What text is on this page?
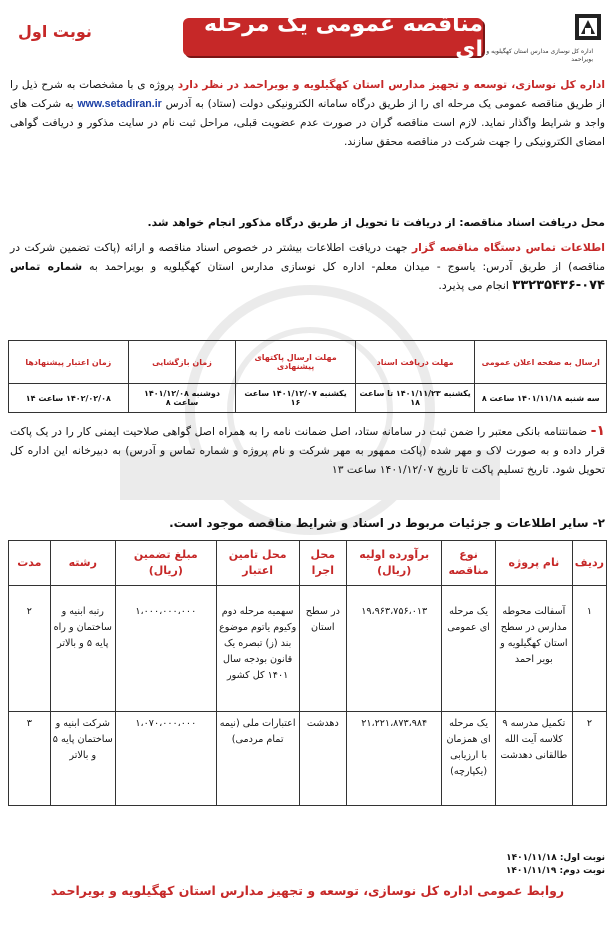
اداره کل نوسازی مدارس استان کهگیلویه و بویراحمد
مناقصه عمومی یک مرحله ای
نوبت اول
اداره کل نوسازی، توسعه و تجهیز مدارس استان کهگیلویه و بویراحمد در نظر دارد پروژه ی با مشخصات به شرح ذیل را از طریق مناقصه عمومی یک مرحله ای را از طریق درگاه سامانه الکترونیکی دولت (ستاد) به آدرس www.setadiran.ir به شرکت های واجد و شرایط واگذار نماید. لازم است مناقصه گران در صورت عدم عضویت قبلی، مراحل ثبت نام در سایت مذکور و دریافت گواهی امضای الکترونیکی را جهت شرکت در مناقصه محقق سازند.
محل دریافت اسناد مناقصه: از دریافت تا تحویل از طریق درگاه مذکور انجام خواهد شد.
اطلاعات تماس دستگاه مناقصه گزار جهت دریافت اطلاعات بیشتر در خصوص اسناد مناقصه و ارائه (پاکت تضمین شرکت در مناقصه) از طریق آدرس: یاسوج - میدان معلم- اداره کل نوسازی مدارس استان کهگیلویه و بویراحمد به شماره تماس ۰۷۴-۳۳۲۳۵۴۳۶ انجام می پذیرد.
ارسال به صفحه اعلان عمومی	مهلت دریافت اسناد	مهلت ارسال پاکتهای پیشنهادی	زمان بازگشایی	زمان اعتبار پیشنهادها
سه شنبه ۱۴۰۱/۱۱/۱۸ ساعت ۸	یکشنبه ۱۴۰۱/۱۱/۲۳ تا ساعت ۱۸	یکشنبه ۱۴۰۱/۱۲/۰۷ ساعت ۱۶	دوشنبه ۱۴۰۱/۱۲/۰۸ ساعت ۸	۱۴۰۲/۰۲/۰۸ ساعت ۱۴
۱- ضمانتنامه بانکی معتبر را ضمن ثبت در سامانه ستاد، اصل ضمانت نامه را به همراه اصل گواهی صلاحیت ایمنی کار را در یک پاکت قرار داده و به صورت لاک و مهر شده (پاکت ممهور به مهر شرکت و نام پروژه و شماره تماس و آدرس) به دبیرخانه این اداره کل تحویل شود. تاریخ تسلیم پاکت تا تاریخ ۱۴۰۱/۱۲/۰۷ ساعت ۱۳
۲- سایر اطلاعات و جزئیات مربوط در اسناد و شرایط مناقصه موجود است.
ردیف	نام پروژه	نوع مناقصه	برآورده اولیه (ریال)	محل اجرا	محل تامین اعتبار	مبلغ تضمین (ریال)	رشته	مدت
۱	آسفالت محوطه مدارس در سطح استان کهگیلویه و بویر احمد	یک مرحله ای عمومی	۱۹،۹۶۳،۷۵۶،۰۱۳	در سطح استان	سهمیه مرحله دوم وکیوم یاتوم موضوع بند (ز) تبصره یک قانون بودجه سال ۱۴۰۱ کل کشور	۱،۰۰۰،۰۰۰،۰۰۰	رتبه ابنیه و ساختمان و راه پایه ۵ و بالاتر	۲
۲	تکمیل مدرسه ۹ کلاسه آیت الله طالقانی دهدشت	یک مرحله ای همزمان با ارزیابی (یکپارچه)	۲۱،۲۲۱،۸۷۳،۹۸۴	دهدشت	اعتبارات ملی (نیمه تمام مردمی)	۱،۰۷۰،۰۰۰،۰۰۰	شرکت ابنیه و ساختمان پایه ۵ و بالاتر	۳
نوبت اول: ۱۴۰۱/۱۱/۱۸
نوبت دوم: ۱۴۰۱/۱۱/۱۹
روابط عمومی اداره کل نوسازی، توسعه و تجهیز مدارس استان کهگیلویه و بویراحمد
